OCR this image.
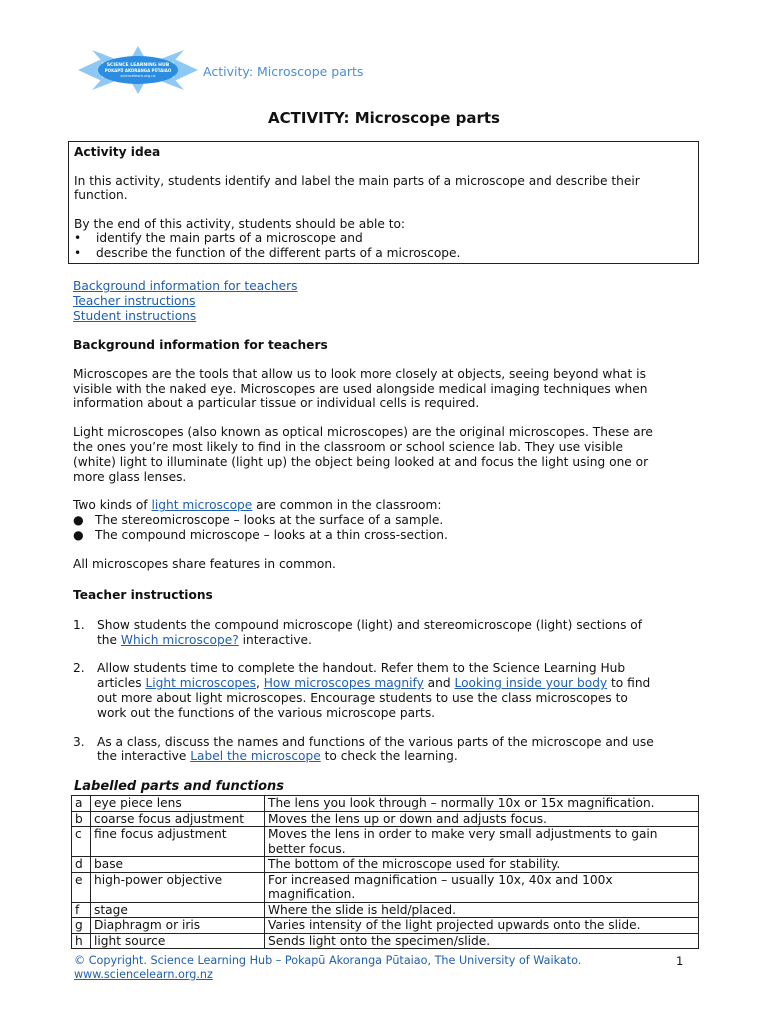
SCIENCE LEARNING HUB
POKAPŪ AKORANGA PŪTAIAO
sciencelearn.org.nz	Activity: Microscope parts
ACTIVITY: Microscope parts

Activity idea

In this activity, students identify and label the main parts of a microscope and describe their

function.

By the end of this activity, students should be able to:

•	identify the main parts of a microscope and
•	describe the function of the different parts of a microscope.
Background information for teachers
Teacher instructions
Student instructions

Background information for teachers

Microscopes are the tools that allow us to look more closely at objects, seeing beyond what is

visible with the naked eye. Microscopes are used alongside medical imaging techniques when

information about a particular tissue or individual cells is required.

Light microscopes (also known as optical microscopes) are the original microscopes. These are

the ones you’re most likely to find in the classroom or school science lab. They use visible

(white) light to illuminate (light up) the object being looked at and focus the light using one or

more glass lenses.

Two kinds of light microscope are common in the classroom:

● The stereomicroscope – looks at the surface of a sample.
● The compound microscope – looks at a thin cross-section.

All microscopes share features in common.

Teacher instructions

1.	Show students the compound microscope (light) and stereomicroscope (light) sections of

the Which microscope? interactive.

2.	Allow students time to complete the handout. Refer them to the Science Learning Hub

articles Light microscopes, How microscopes magnify and Looking inside your body to find

out more about light microscopes. Encourage students to use the class microscopes to

work out the functions of the various microscope parts.

3.	As a class, discuss the names and functions of the various parts of the microscope and use

the interactive Label the microscope to check the learning.

Labelled parts and functions
a	eye piece lens	The lens you look through – normally 10x or 15x magnification.
b	coarse focus adjustment	Moves the lens up or down and adjusts focus.
c	fine focus adjustment	Moves the lens in order to make very small adjustments to gain better focus.
d	base	The bottom of the microscope used for stability.
e	high-power objective	For increased magnification – usually 10x, 40x and 100x magnification.
f	stage	Where the slide is held/placed.
g	Diaphragm or iris	Varies intensity of the light projected upwards onto the slide.
h	light source	Sends light onto the specimen/slide.
© Copyright. Science Learning Hub – Pokapū Akoranga Pūtaiao, The University of Waikato.
www.sciencelearn.org.nz
1
